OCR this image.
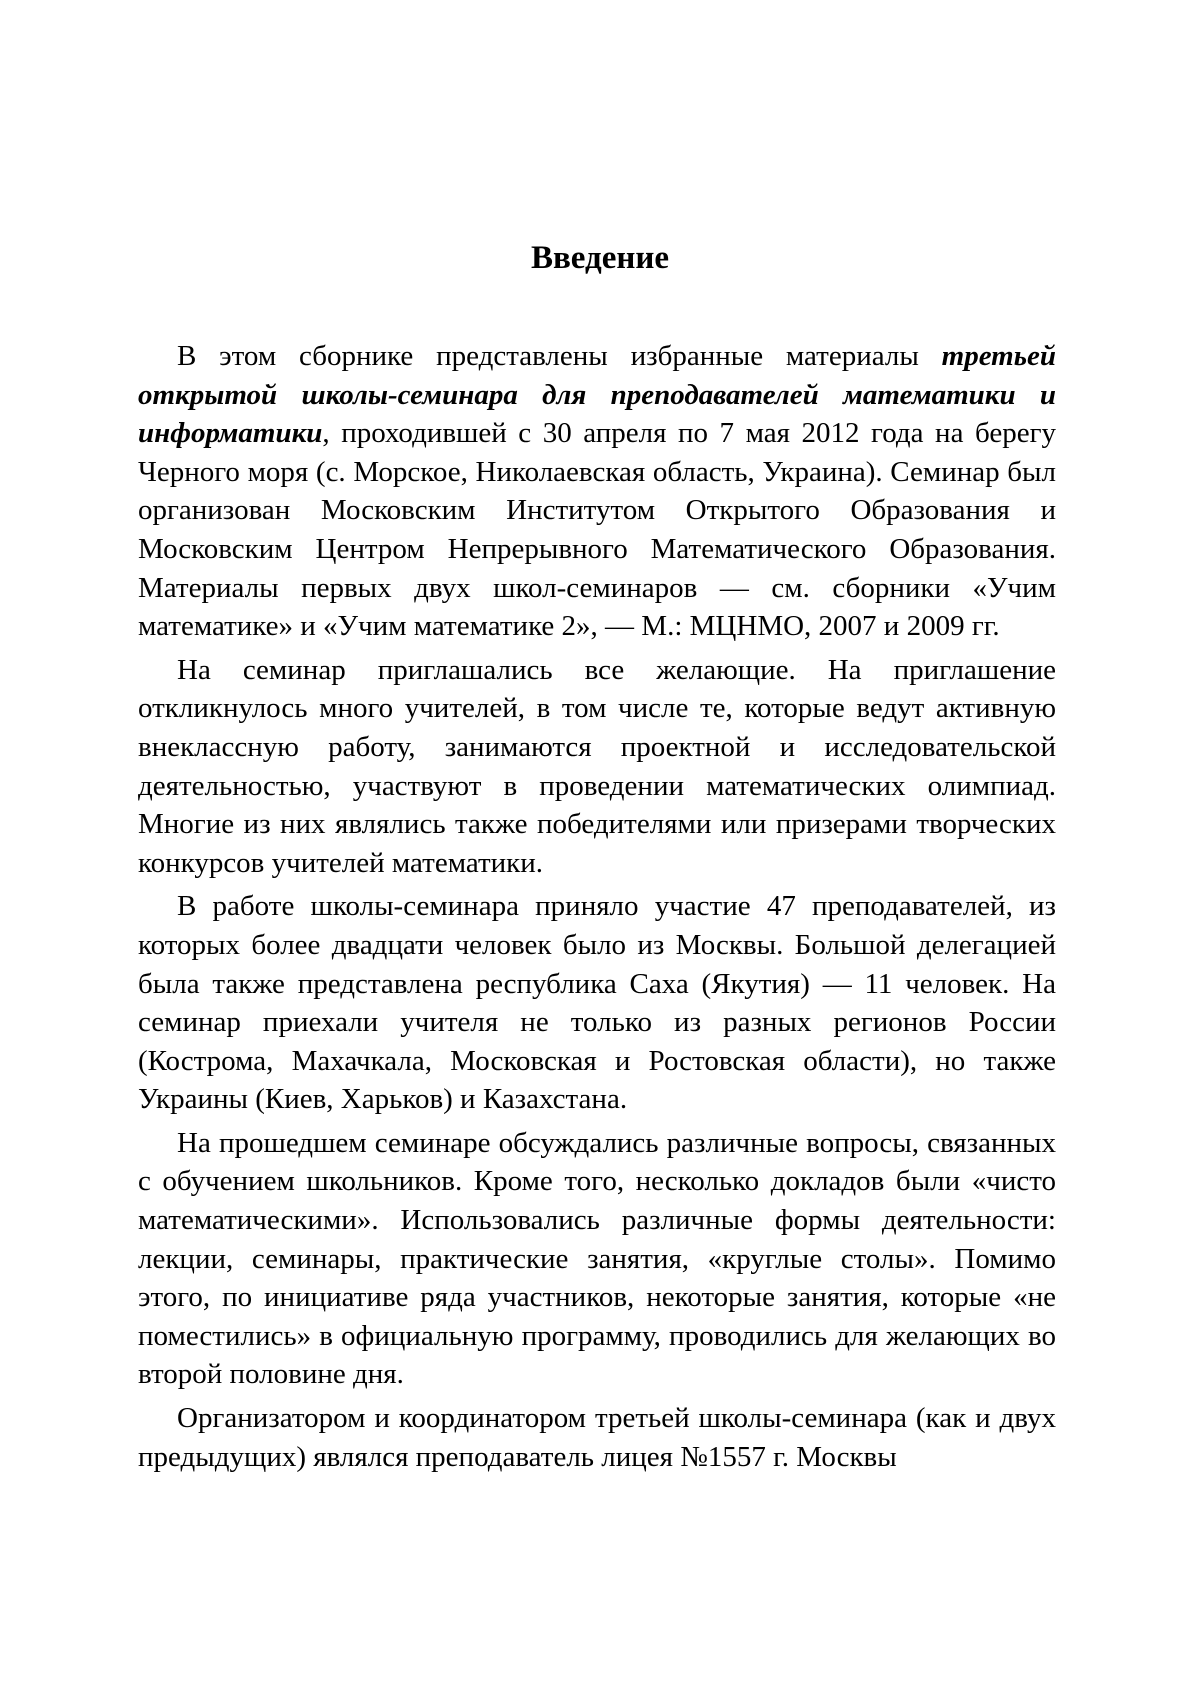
Введение

В этом сборнике представлены избранные материалы третьей открытой школы-семинара для преподавателей математики и информатики, проходившей с 30 апреля по 7 мая 2012 года на берегу Черного моря (с. Морское, Николаевская область, Украина). Семинар был организован Московским Институтом Открытого Образования и Московским Центром Непрерывного Математического Образования. Материалы первых двух школ-семинаров — см. сборники «Учим математике» и «Учим математике 2», — М.: МЦНМО, 2007 и 2009 гг.

На семинар приглашались все желающие. На приглашение откликнулось много учителей, в том числе те, которые ведут активную внеклассную работу, занимаются проектной и исследовательской деятельностью, участвуют в проведении математических олимпиад. Многие из них являлись также победителями или призерами творческих конкурсов учителей математики.

В работе школы-семинара приняло участие 47 преподавателей, из которых более двадцати человек было из Москвы. Большой делегацией была также представлена республика Саха (Якутия) — 11 человек. На семинар приехали учителя не только из разных регионов России (Кострома, Махачкала, Московская и Ростовская области), но также Украины (Киев, Харьков) и Казахстана.

На прошедшем семинаре обсуждались различные вопросы, связанных с обучением школьников. Кроме того, несколько докладов были «чисто математическими». Использовались различные формы деятельности: лекции, семинары, практические занятия, «круглые столы». Помимо этого, по инициативе ряда участников, некоторые занятия, которые «не поместились» в официальную программу, проводились для желающих во второй половине дня.

Организатором и координатором третьей школы-семинара (как и двух предыдущих) являлся преподаватель лицея №1557 г. Москвы
